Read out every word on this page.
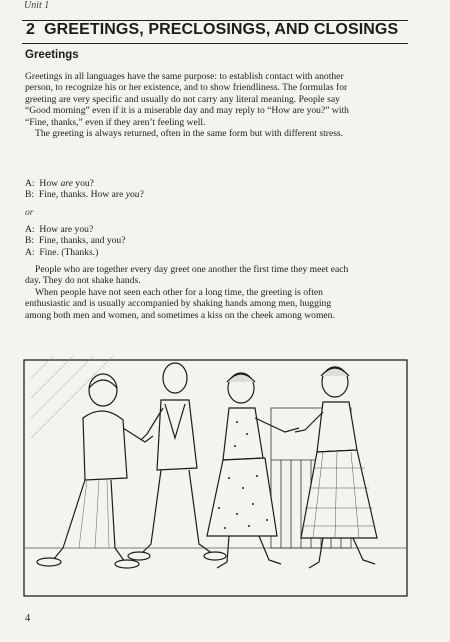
Unit 1
2 GREETINGS, PRECLOSINGS, AND CLOSINGS
Greetings

Greetings in all languages have the same purpose: to establish contact with another person, to recognize his or her existence, and to show friendliness. The formulas for greeting are very specific and usually do not carry any literal meaning. People say “Good morning” even if it is a miserable day and may reply to “How are you?” with “Fine, thanks,” even if they aren’t feeling well.

The greeting is always returned, often in the same form but with different stress.

A: How are you?
B: Fine, thanks. How are you?
or
A: How are you?
B: Fine, thanks, and you?
A: Fine. (Thanks.)

People who are together every day greet one another the first time they meet each day. They do not shake hands.

When people have not seen each other for a long time, the greeting is often enthusiastic and is usually accompanied by shaking hands among men, hugging among both men and women, and sometimes a kiss on the cheek among women.

4
